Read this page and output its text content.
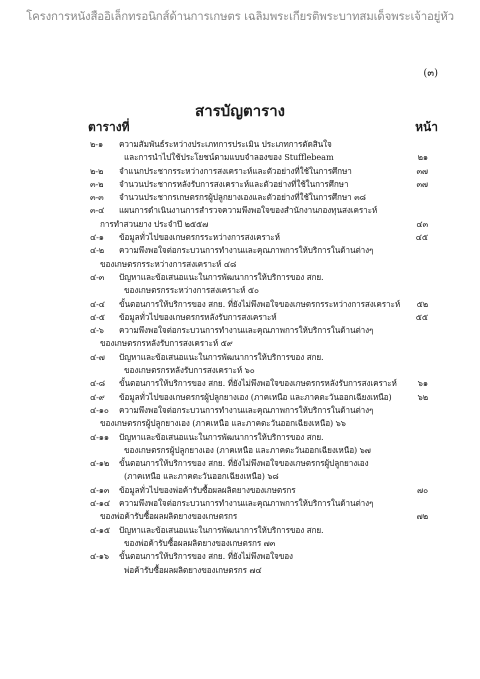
โครงการหนังสืออิเล็กทรอนิกส์ด้านการเกษตร เฉลิมพระเกียรติพระบาทสมเด็จพระเจ้าอยู่หัว
(๓)
สารบัญตาราง
ตารางที่	หน้า
๒-๑	ความสัมพันธ์ระหว่างประเภทการประเมิน ประเภทการตัดสินใจ
และการนำไปใช้ประโยชน์ตามแบบจำลองของ Stufflebeam	๒๑
๒-๒	จำแนกประชากรระหว่างการสงเคราะห์และตัวอย่างที่ใช้ในการศึกษา	๓๗
๓-๒	จำนวนประชากรหลังรับการสงเคราะห์และตัวอย่างที่ใช้ในการศึกษา	๓๗
๓-๓	จำนวนประชากรเกษตรกรผู้ปลูกยางเองและตัวอย่างที่ใช้ในการศึกษา ๓๘
๓-๔	แผนการดำเนินงานการสำรวจความพึงพอใจของสำนักงานกองทุนสงเคราะห์
การทำสวนยาง ประจำปี ๒๕๕๗	๔๓
๔-๑	ข้อมูลทั่วไปของเกษตรกรระหว่างการสงเคราะห์	๔๕
๔-๒	ความพึงพอใจต่อกระบวนการทำงานและคุณภาพการให้บริการในด้านต่างๆ
ของเกษตรกรระหว่างการสงเคราะห์ ๔๘
๔-๓	ปัญหาและข้อเสนอแนะในการพัฒนาการให้บริการของ สกย.
ของเกษตรกรระหว่างการสงเคราะห์ ๕๐
๔-๔	ขั้นตอนการให้บริการของ สกย. ที่ยังไม่พึงพอใจของเกษตรกรระหว่างการสงเคราะห์	๕๒
๔-๕	ข้อมูลทั่วไปของเกษตรกรหลังรับการสงเคราะห์	๕๕
๔-๖	ความพึงพอใจต่อกระบวนการทำงานและคุณภาพการให้บริการในด้านต่างๆ
ของเกษตรกรหลังรับการสงเคราะห์ ๕๙
๔-๗	ปัญหาและข้อเสนอแนะในการพัฒนาการให้บริการของ สกย.
ของเกษตรกรหลังรับการสงเคราะห์ ๖๐
๔-๘	ขั้นตอนการให้บริการของ สกย. ที่ยังไม่พึงพอใจของเกษตรกรหลังรับการสงเคราะห์	๖๑
๔-๙	ข้อมูลทั่วไปของเกษตรกรผู้ปลูกยางเอง (ภาคเหนือ และภาคตะวันออกเฉียงเหนือ)	๖๒
๔-๑๐	ความพึงพอใจต่อกระบวนการทำงานและคุณภาพการให้บริการในด้านต่างๆ
ของเกษตรกรผู้ปลูกยางเอง (ภาคเหนือ และภาคตะวันออกเฉียงเหนือ) ๖๖
๔-๑๑	ปัญหาและข้อเสนอแนะในการพัฒนาการให้บริการของ สกย.
ของเกษตรกรผู้ปลูกยางเอง (ภาคเหนือ และภาคตะวันออกเฉียงเหนือ) ๖๗
๔-๑๒	ขั้นตอนการให้บริการของ สกย. ที่ยังไม่พึงพอใจของเกษตรกรผู้ปลูกยางเอง
(ภาคเหนือ และภาคตะวันออกเฉียงเหนือ) ๖๘
๔-๑๓	ข้อมูลทั่วไปของพ่อค้ารับซื้อผลผลิตยางของเกษตรกร	๗๐
๔-๑๔	ความพึงพอใจต่อกระบวนการทำงานและคุณภาพการให้บริการในด้านต่างๆ
ของพ่อค้ารับซื้อผลผลิตยางของเกษตรกร	๗๒
๔-๑๕	ปัญหาและข้อเสนอแนะในการพัฒนาการให้บริการของ สกย.
ของพ่อค้ารับซื้อผลผลิตยางของเกษตรกร ๗๓
๔-๑๖	ขั้นตอนการให้บริการของ สกย. ที่ยังไม่พึงพอใจของ
พ่อค้ารับซื้อผลผลิตยางของเกษตรกร ๗๔
